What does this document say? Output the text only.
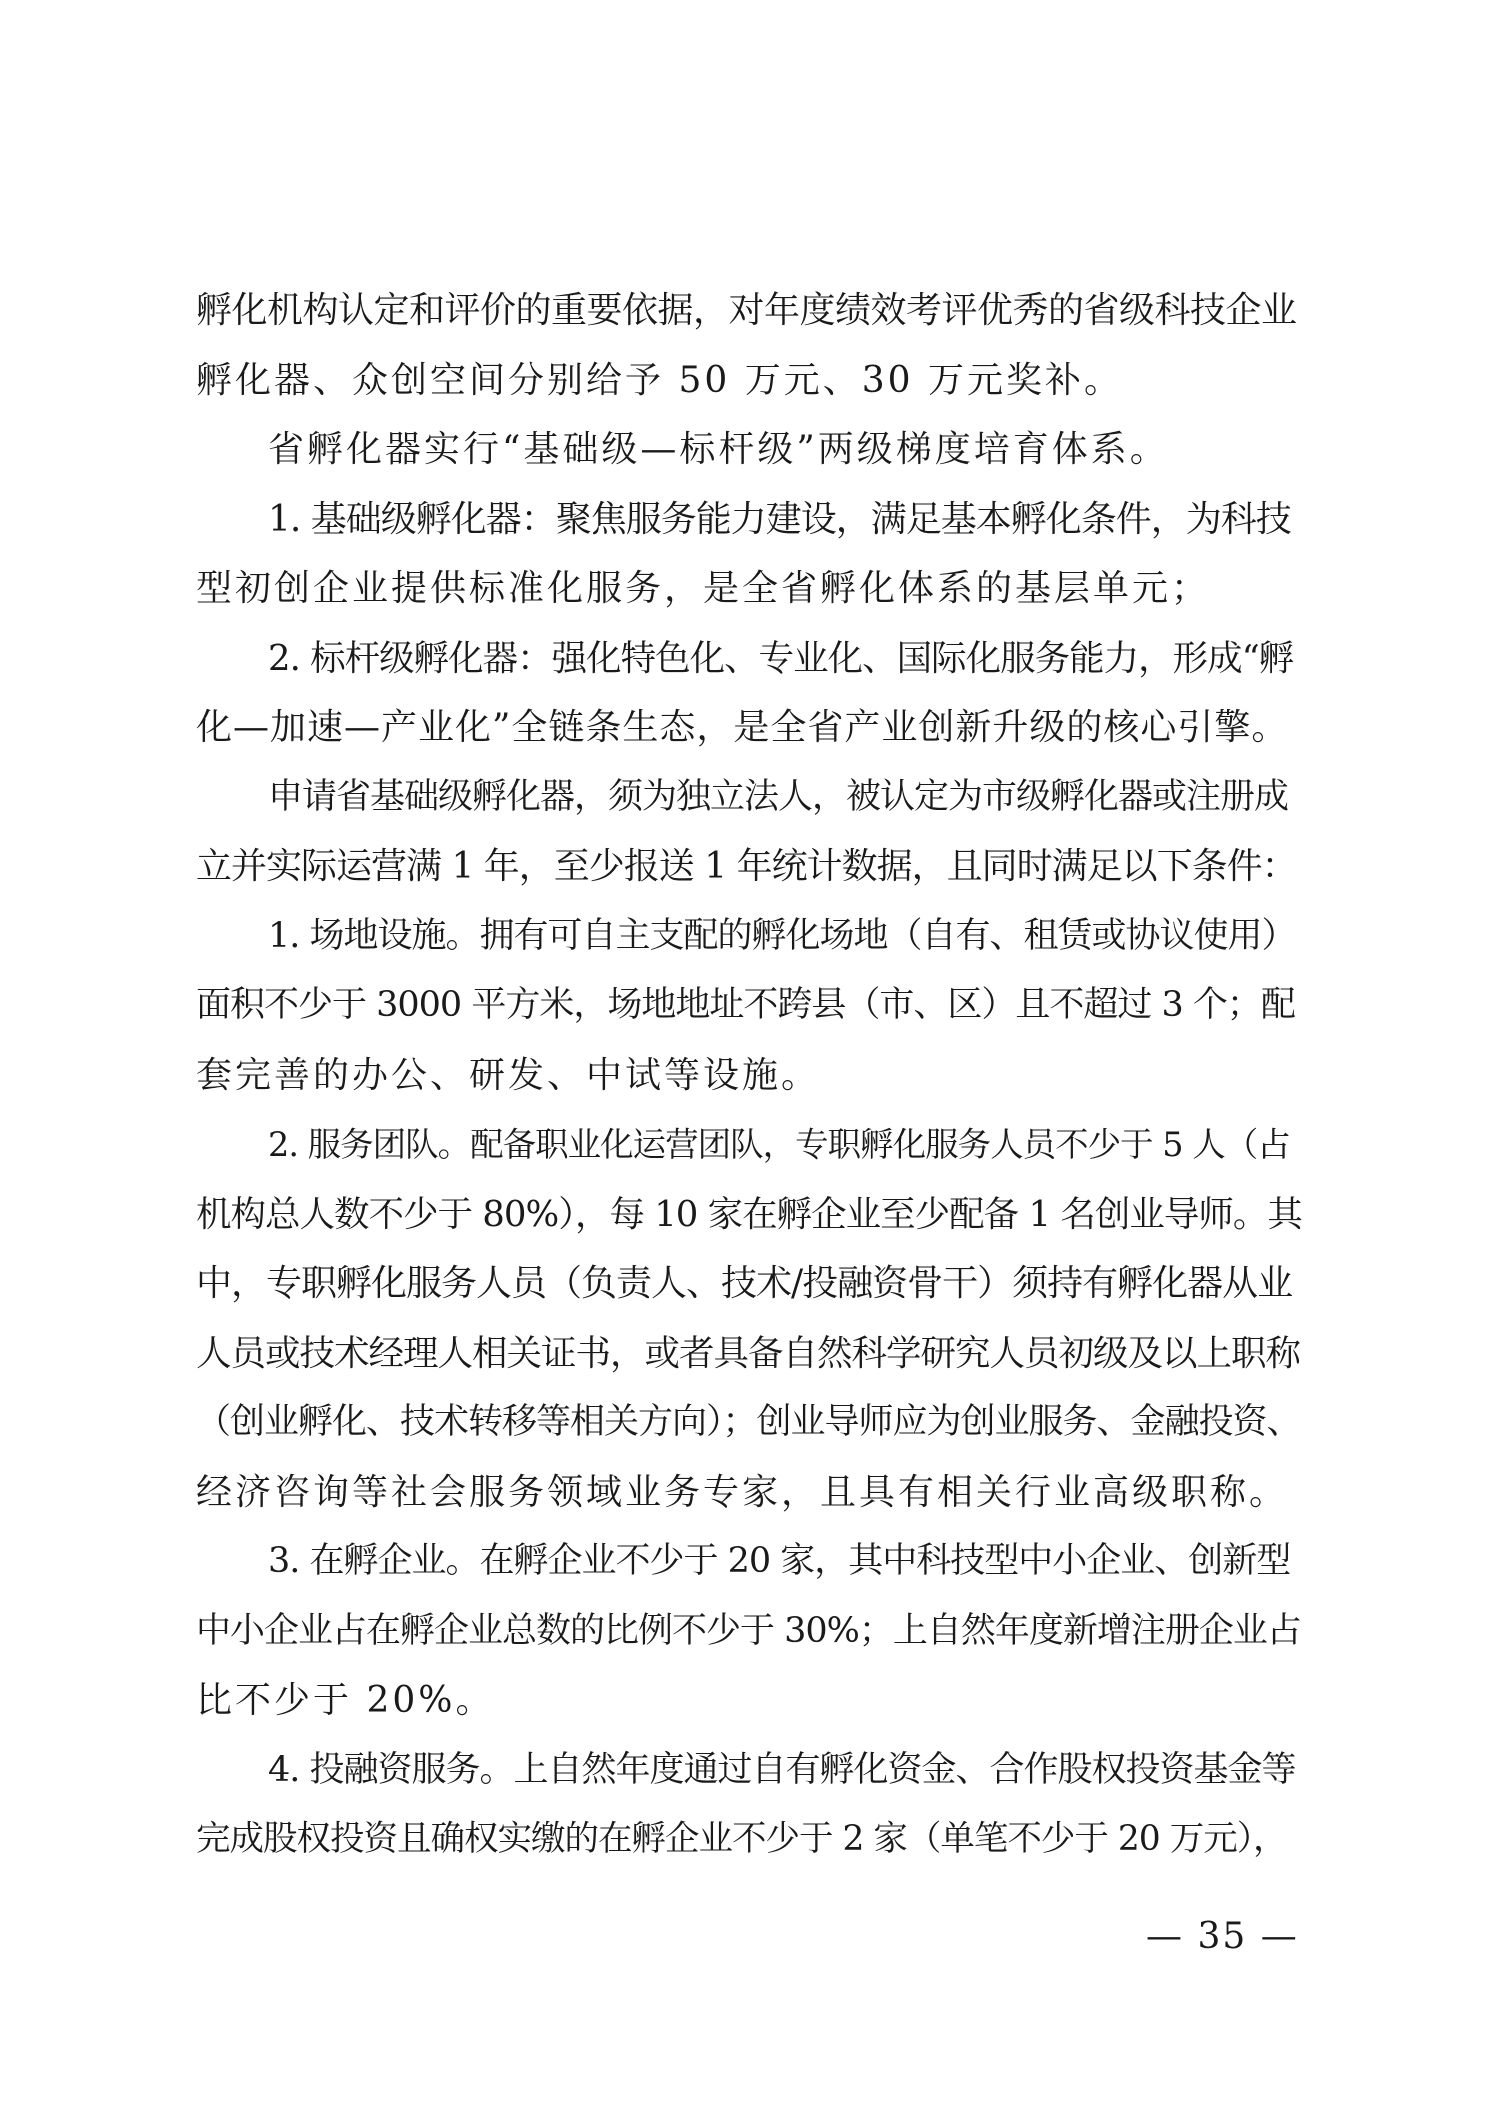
孵化机构认定和评价的重要依据，对年度绩效考评优秀的省级科技企业
孵化器、众创空间分别给予 50 万元、30 万元奖补。
省孵化器实行“基础级—标杆级”两级梯度培育体系。
1. 基础级孵化器：聚焦服务能力建设，满足基本孵化条件，为科技
型初创企业提供标准化服务，是全省孵化体系的基层单元；
2. 标杆级孵化器：强化特色化、专业化、国际化服务能力，形成“孵
化—加速—产业化”全链条生态，是全省产业创新升级的核心引擎。
申请省基础级孵化器，须为独立法人，被认定为市级孵化器或注册成
立并实际运营满 1 年，至少报送 1 年统计数据，且同时满足以下条件：
1. 场地设施。拥有可自主支配的孵化场地（自有、租赁或协议使用）
面积不少于 3000 平方米，场地地址不跨县（市、区）且不超过 3 个；配
套完善的办公、研发、中试等设施。
2. 服务团队。配备职业化运营团队，专职孵化服务人员不少于 5 人（占
机构总人数不少于 80%），每 10 家在孵企业至少配备 1 名创业导师。其
中，专职孵化服务人员（负责人、技术/投融资骨干）须持有孵化器从业
人员或技术经理人相关证书，或者具备自然科学研究人员初级及以上职称
（创业孵化、技术转移等相关方向）；创业导师应为创业服务、金融投资、
经济咨询等社会服务领域业务专家，且具有相关行业高级职称。
3. 在孵企业。在孵企业不少于 20 家，其中科技型中小企业、创新型
中小企业占在孵企业总数的比例不少于 30%；上自然年度新增注册企业占
比不少于 20%。
4. 投融资服务。上自然年度通过自有孵化资金、合作股权投资基金等
完成股权投资且确权实缴的在孵企业不少于 2 家（单笔不少于 20 万元），
— 35 —
